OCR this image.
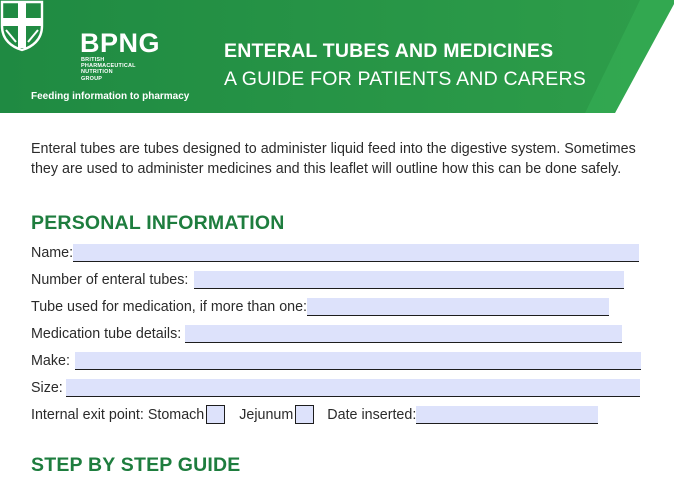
BPNG
BRITISH
PHARMACEUTICAL
NUTRITION
GROUP
Feeding information to pharmacy
ENTERAL TUBES AND MEDICINES
A GUIDE FOR PATIENTS AND CARERS

Enteral tubes are tubes designed to administer liquid feed into the digestive system. Sometimes they are used to administer medicines and this leaflet will outline how this can be done safely.

PERSONAL INFORMATION
Name:
Number of enteral tubes:
Tube used for medication, if more than one:
Medication tube details:
Make:
Size:
Internal exit point: Stomach Jejunum Date inserted:
STEP BY STEP GUIDE
